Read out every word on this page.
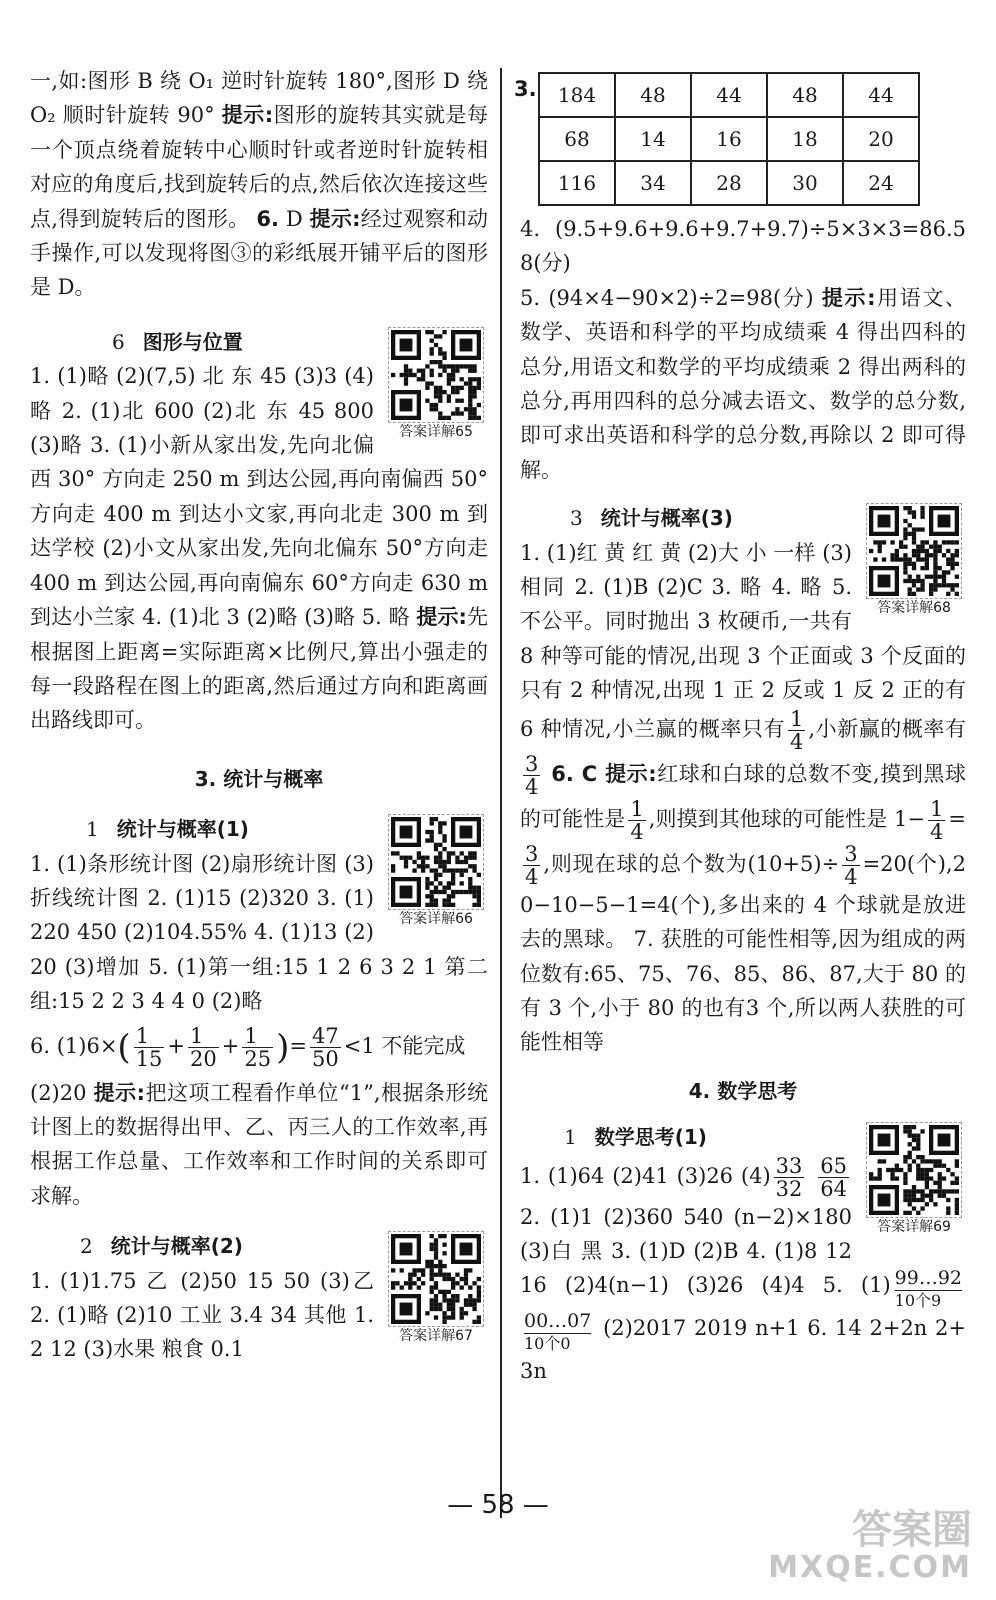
一,如:图形 B 绕 O₁ 逆时针旋转 180°,图形 D 绕 O₂ 顺时针旋转 90° 提示:图形的旋转其实就是每一个顶点绕着旋转中心顺时针或者逆时针旋转相对应的角度后,找到旋转后的点,然后依次连接这些点,得到旋转后的图形。 6. D 提示:经过观察和动手操作,可以发现将图③的彩纸展开铺平后的图形是 D。

答案详解65

6 图形与位置

1. (1)略 (2)(7,5) 北 东 45 (3)3 (4)略 2. (1)北 600 (2)北 东 45 800 (3)略 3. (1)小新从家出发,先向北偏西 30° 方向走 250 m 到达公园,再向南偏西 50°方向走 400 m 到达小文家,再向北走 300 m 到达学校 (2)小文从家出发,先向北偏东 50°方向走 400 m 到达公园,再向南偏东 60°方向走 630 m 到达小兰家 4. (1)北 3 (2)略 (3)略 5. 略 提示:先根据图上距离=实际距离×比例尺,算出小强走的每一段路程在图上的距离,然后通过方向和距离画出路线即可。

3. 统计与概率

答案详解66

1 统计与概率(1)

1. (1)条形统计图 (2)扇形统计图 (3)折线统计图 2. (1)15 (2)320 3. (1)220 450 (2)104.55% 4. (1)13 (2)20 (3)增加 5. (1)第一组:15 1 2 6 3 2 1 第二组:15 2 2 3 4 4 0 (2)略

6. $(1)6\times( \frac{1}{15} + \frac{1}{20} + \frac{1}{25}$ )= $\frac{47}{50} <1$ 不能完成

(2)20 提示:把这项工程看作单位“1”,根据条形统计图上的数据得出甲、乙、丙三人的工作效率,再根据工作总量、工作效率和工作时间的关系即可求解。

答案详解67

2 统计与概率(2)

1. (1)1.75 乙 (2)50 15 50 (3)乙 2. (1)略 (2)10 工业 3.4 34 其他 1.2 12 (3)水果 粮食 0.1

3. 184	48	44	48	44
68	14	16	18	20
116	34	28	30	24

4. (9.5+9.6+9.6+9.7+9.7)÷5×3×3=86.58(分)

5. (94×4−90×2)÷2=98(分) 提示:用语文、数学、英语和科学的平均成绩乘 4 得出四科的总分,用语文和数学的平均成绩乘 2 得出两科的总分,再用四科的总分减去语文、数学的总分数,即可求出英语和科学的总分数,再除以 2 即可得解。

答案详解68

3 统计与概率(3)

1. (1)红 黄 红 黄 (2)大 小 一样 (3)相同 2. (1)B (2)C 3. 略 4. 略 5. 不公平。同时抛出 3 枚硬币,一共有 8 种等可能的情况,出现 3 个正面或 3 个反面的只有 2 种情况,出现 1 正 2 反或 1 反 2 正的有 6 种情况,小兰赢的概率只有 $\frac{1}{4}$ ,小新赢的概率有
$\frac{3}{4} 6$. C 提示:红球和白球的总数不变,摸到黑球的可能性是 $\frac{1}{4}$ ,则摸到其他球的可能性是 $1- \frac{1}{4}$ =
$\frac{3}{4}$ ,则现在球的总个数为$(10+5)\div \frac{3}{4} =20$(个),20−10−5−1=4(个),多出来的 4 个球就是放进去的黑球。 7. 获胜的可能性相等,因为组成的两位数有:65、75、76、85、86、87,大于 80 的有 3 个,小于 80 的也有3 个,所以两人获胜的可能性相等

4. 数学思考

答案详解69

1 数学思考(1)

1. (1)64 (2)41 (3)26 $(4) \frac{33}{32}$
$\frac{65}{64}$
2. (1)1 (2)360 540 (n−2)×180 (3)白 黑 3. (1)D (2)B 4. (1)8 12 16 (2)4(n−1) (3)26 (4)4 5. (1) 99…92
10个9
00…07
10个0
(2)2017 2019 n+1 6. 14 2+2n 2+3n

— 58 —
答案圈
MXQE.COM
